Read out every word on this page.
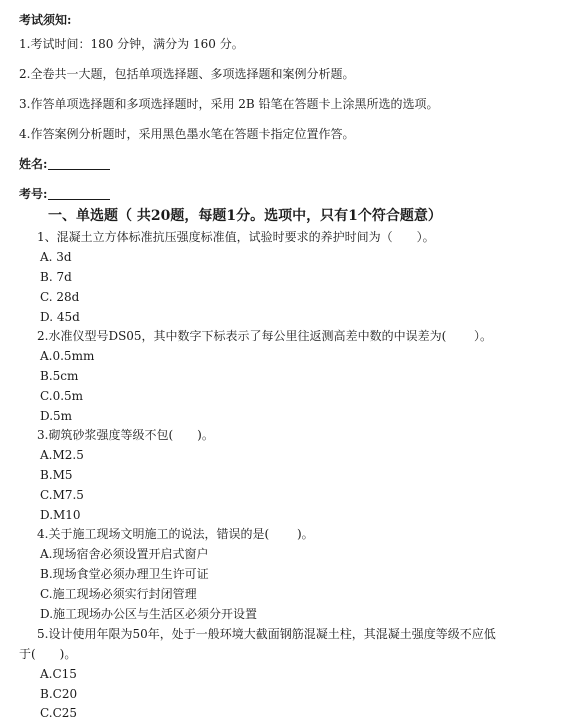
考试须知:
1.考试时间：180 分钟，满分为 160 分。
2.全卷共一大题，包括单项选择题、多项选择题和案例分析题。
3.作答单项选择题和多项选择题时，采用 2B 铅笔在答题卡上涂黑所选的选项。
4.作答案例分析题时，采用黑色墨水笔在答题卡指定位置作答。
姓名:
考号:
一、单选题（ 共20题，每题1分。选项中，只有1个符合题意）
1、混凝土立方体标准抗压强度标准值，试验时要求的养护时间为（　　）。
A. 3d
B. 7d
C. 28d
D. 45d
2.水准仪型号DS05，其中数字下标表示了每公里往返测高差中数的中误差为(　　 ）。
A.0.5mm
B.5cm
C.0.5m
D.5m
3.砌筑砂浆强度等级不包(　　)。
A.M2.5
B.M5
C.M7.5
D.M10
4.关于施工现场文明施工的说法，错误的是(　　 )。
A.现场宿舍必须设置开启式窗户
B.现场食堂必须办理卫生许可证
C.施工现场必须实行封闭管理
D.施工现场办公区与生活区必须分开设置
5.设计使用年限为50年，处于一般环境大截面钢筋混凝土柱，其混凝土强度等级不应低
于(　　)。
A.C15
B.C20
C.C25
